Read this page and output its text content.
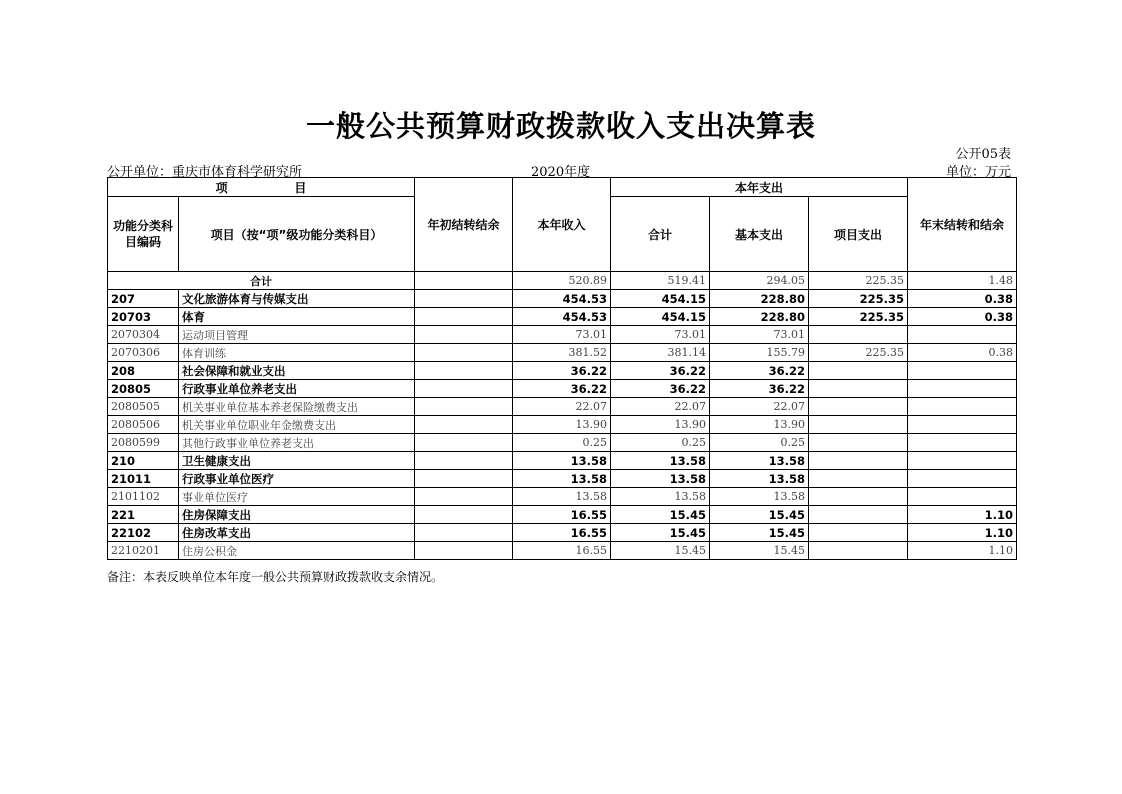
一般公共预算财政拨款收入支出决算表
公开05表
公开单位：重庆市体育科学研究所	2020年度	单位：万元
项                目		年初结转结余	本年收入	本年支出			年末结转和结余
功能分类科目编码	项目（按“项”级功能分类科目）			合计	基本支出	项目支出	
合计			520.89	519.41	294.05	225.35	1.48
207	文化旅游体育与传媒支出		454.53	454.15	228.80	225.35	0.38
20703	体育		454.53	454.15	228.80	225.35	0.38
2070304	运动项目管理		73.01	73.01	73.01		
2070306	体育训练		381.52	381.14	155.79	225.35	0.38
208	社会保障和就业支出		36.22	36.22	36.22		
20805	行政事业单位养老支出		36.22	36.22	36.22		
2080505	机关事业单位基本养老保险缴费支出		22.07	22.07	22.07		
2080506	机关事业单位职业年金缴费支出		13.90	13.90	13.90		
2080599	其他行政事业单位养老支出		0.25	0.25	0.25		
210	卫生健康支出		13.58	13.58	13.58		
21011	行政事业单位医疗		13.58	13.58	13.58		
2101102	事业单位医疗		13.58	13.58	13.58		
221	住房保障支出		16.55	15.45	15.45		1.10
22102	住房改革支出		16.55	15.45	15.45		1.10
2210201	住房公积金		16.55	15.45	15.45		1.10
备注：本表反映单位本年度一般公共预算财政拨款收支余情况。
